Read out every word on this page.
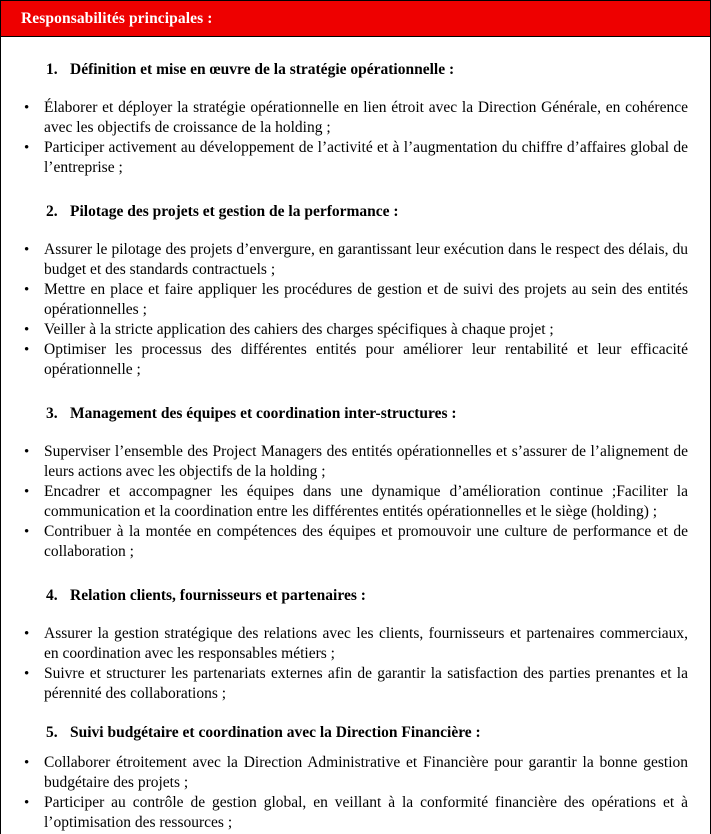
Responsabilités principales :
1. Définition et mise en œuvre de la stratégie opérationnelle :
• Élaborer et déployer la stratégie opérationnelle en lien étroit avec la Direction Générale, en cohérence avec les objectifs de croissance de la holding ;
• Participer activement au développement de l’activité et à l’augmentation du chiffre d’affaires global de l’entreprise ;
2. Pilotage des projets et gestion de la performance :
• Assurer le pilotage des projets d’envergure, en garantissant leur exécution dans le respect des délais, du budget et des standards contractuels ;
• Mettre en place et faire appliquer les procédures de gestion et de suivi des projets au sein des entités opérationnelles ;
• Veiller à la stricte application des cahiers des charges spécifiques à chaque projet ;
• Optimiser les processus des différentes entités pour améliorer leur rentabilité et leur efficacité opérationnelle ;
3. Management des équipes et coordination inter-structures :
• Superviser l’ensemble des Project Managers des entités opérationnelles et s’assurer de l’alignement de leurs actions avec les objectifs de la holding ;
• Encadrer et accompagner les équipes dans une dynamique d’amélioration continue ;Faciliter la communication et la coordination entre les différentes entités opérationnelles et le siège (holding) ;
• Contribuer à la montée en compétences des équipes et promouvoir une culture de performance et de collaboration ;
4. Relation clients, fournisseurs et partenaires :
• Assurer la gestion stratégique des relations avec les clients, fournisseurs et partenaires commerciaux, en coordination avec les responsables métiers ;
• Suivre et structurer les partenariats externes afin de garantir la satisfaction des parties prenantes et la pérennité des collaborations ;
5. Suivi budgétaire et coordination avec la Direction Financière :
• Collaborer étroitement avec la Direction Administrative et Financière pour garantir la bonne gestion budgétaire des projets ;
• Participer au contrôle de gestion global, en veillant à la conformité financière des opérations et à l’optimisation des ressources ;
